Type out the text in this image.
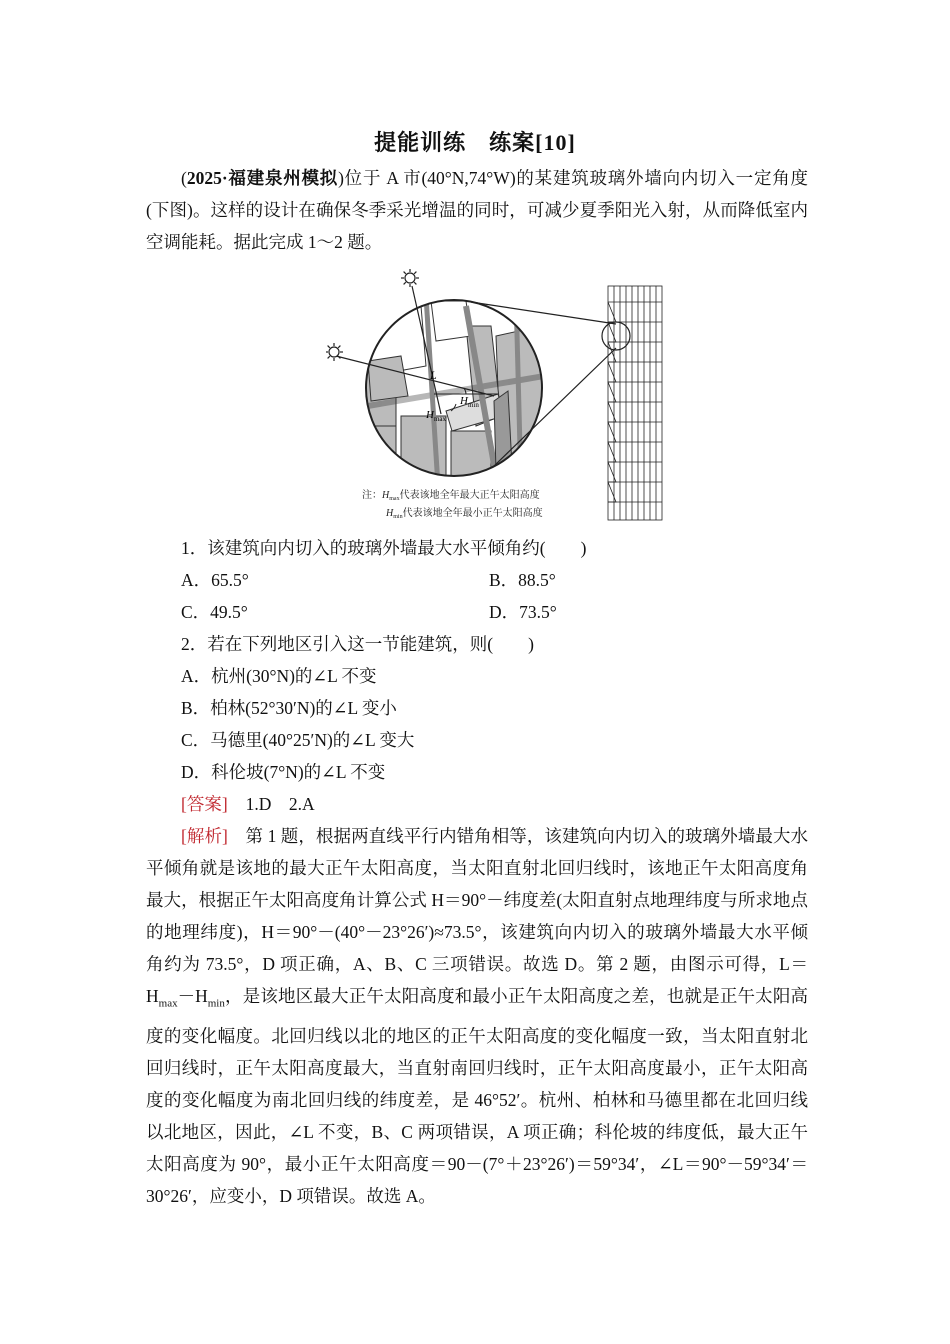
提能训练　练案[10]
(2025·福建泉州模拟)位于 A 市(40°N,74°W)的某建筑玻璃外墙向内切入一定角度(下图)。这样的设计在确保冬季采光增温的同时，可减少夏季阳光入射，从而降低室内空调能耗。据此完成 1～2 题。
L
$H_{min}$
$H_{max}$
注：$H_{max}$代表该地全年最大正午太阳高度
$H_{min}$代表该地全年最小正午太阳高度
1．该建筑向内切入的玻璃外墙最大水平倾角约(　　)
A．65.5°	B．88.5°
C．49.5°	D．73.5°
2．若在下列地区引入这一节能建筑，则(　　)
A．杭州(30°N)的∠L 不变
B．柏林(52°30′N)的∠L 变小
C．马德里(40°25′N)的∠L 变大
D．科伦坡(7°N)的∠L 不变
[答案] 1.D　2.A
[解析]　第 1 题，根据两直线平行内错角相等，该建筑向内切入的玻璃外墙最大水平倾角就是该地的最大正午太阳高度，当太阳直射北回归线时，该地正午太阳高度角最大，根据正午太阳高度角计算公式 H＝90°－纬度差(太阳直射点地理纬度与所求地点的地理纬度)，H＝90°－(40°－23°26′)≈73.5°，该建筑向内切入的玻璃外墙最大水平倾角约为 73.5°，D 项正确，A、B、C 三项错误。故选 D。第 2 题，由图示可得，$L=H_{max}-H_{min}$，是该地区最大正午太阳高度和最小正午太阳高度之差，也就是正午太阳高度的变化幅度。北回归线以北的地区的正午太阳高度的变化幅度一致，当太阳直射北回归线时，正午太阳高度最大，当直射南回归线时，正午太阳高度最小，正午太阳高度的变化幅度为南北回归线的纬度差，是 46°52′。杭州、柏林和马德里都在北回归线以北地区，因此，∠L 不变，B、C 两项错误，A 项正确；科伦坡的纬度低，最大正午太阳高度为 90°，最小正午太阳高度＝90－(7°＋23°26′)＝59°34′，∠L＝90°－59°34′＝30°26′，应变小，D 项错误。故选 A。
